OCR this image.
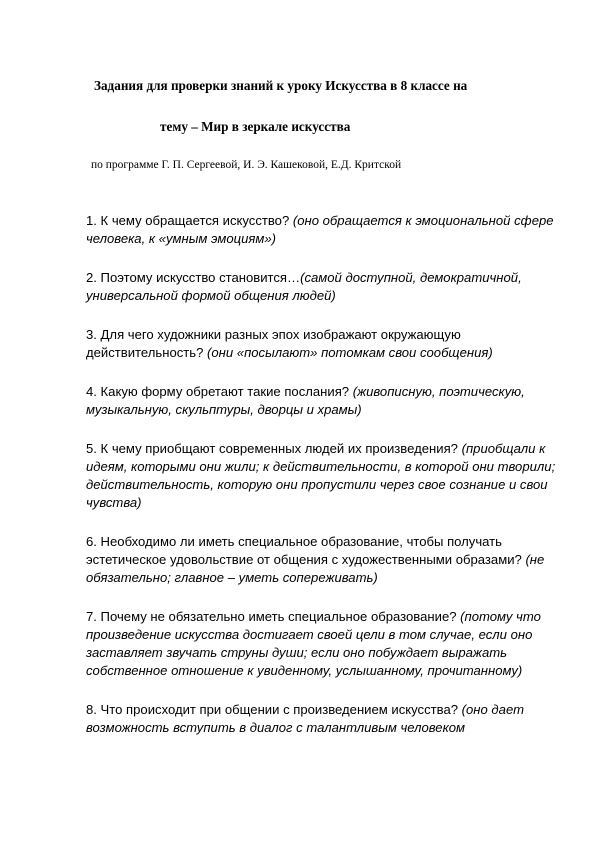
Задания для проверки знаний к уроку Искусства в 8 классе на
тему – Мир в зеркале искусства
по программе Г. П. Сергеевой, И. Э. Кашековой, Е.Д. Критской

1. К чему обращается искусство? (оно обращается к эмоциональной сфере человека, к «умным эмоциям»)

2. Поэтому искусство становится…(самой доступной, демократичной, универсальной формой общения людей)

3. Для чего художники разных эпох изображают окружающую действительность? (они «посылают» потомкам свои сообщения)

4. Какую форму обретают такие послания? (живописную, поэтическую, музыкальную, скульптуры, дворцы и храмы)

5. К чему приобщают современных людей их произведения? (приобщали к идеям, которыми они жили; к действительности, в которой они творили; действительность, которую они пропустили через свое сознание и свои чувства)

6. Необходимо ли иметь специальное образование, чтобы получать эстетическое удовольствие от общения с художественными образами? (не обязательно; главное – уметь сопереживать)

7. Почему не обязательно иметь специальное образование? (потому что произведение искусства достигает своей цели в том случае, если оно заставляет звучать струны души; если оно побуждает выражать собственное отношение к увиденному, услышанному, прочитанному)

8. Что происходит при общении с произведением искусства? (оно дает возможность вступить в диалог с талантливым человеком
